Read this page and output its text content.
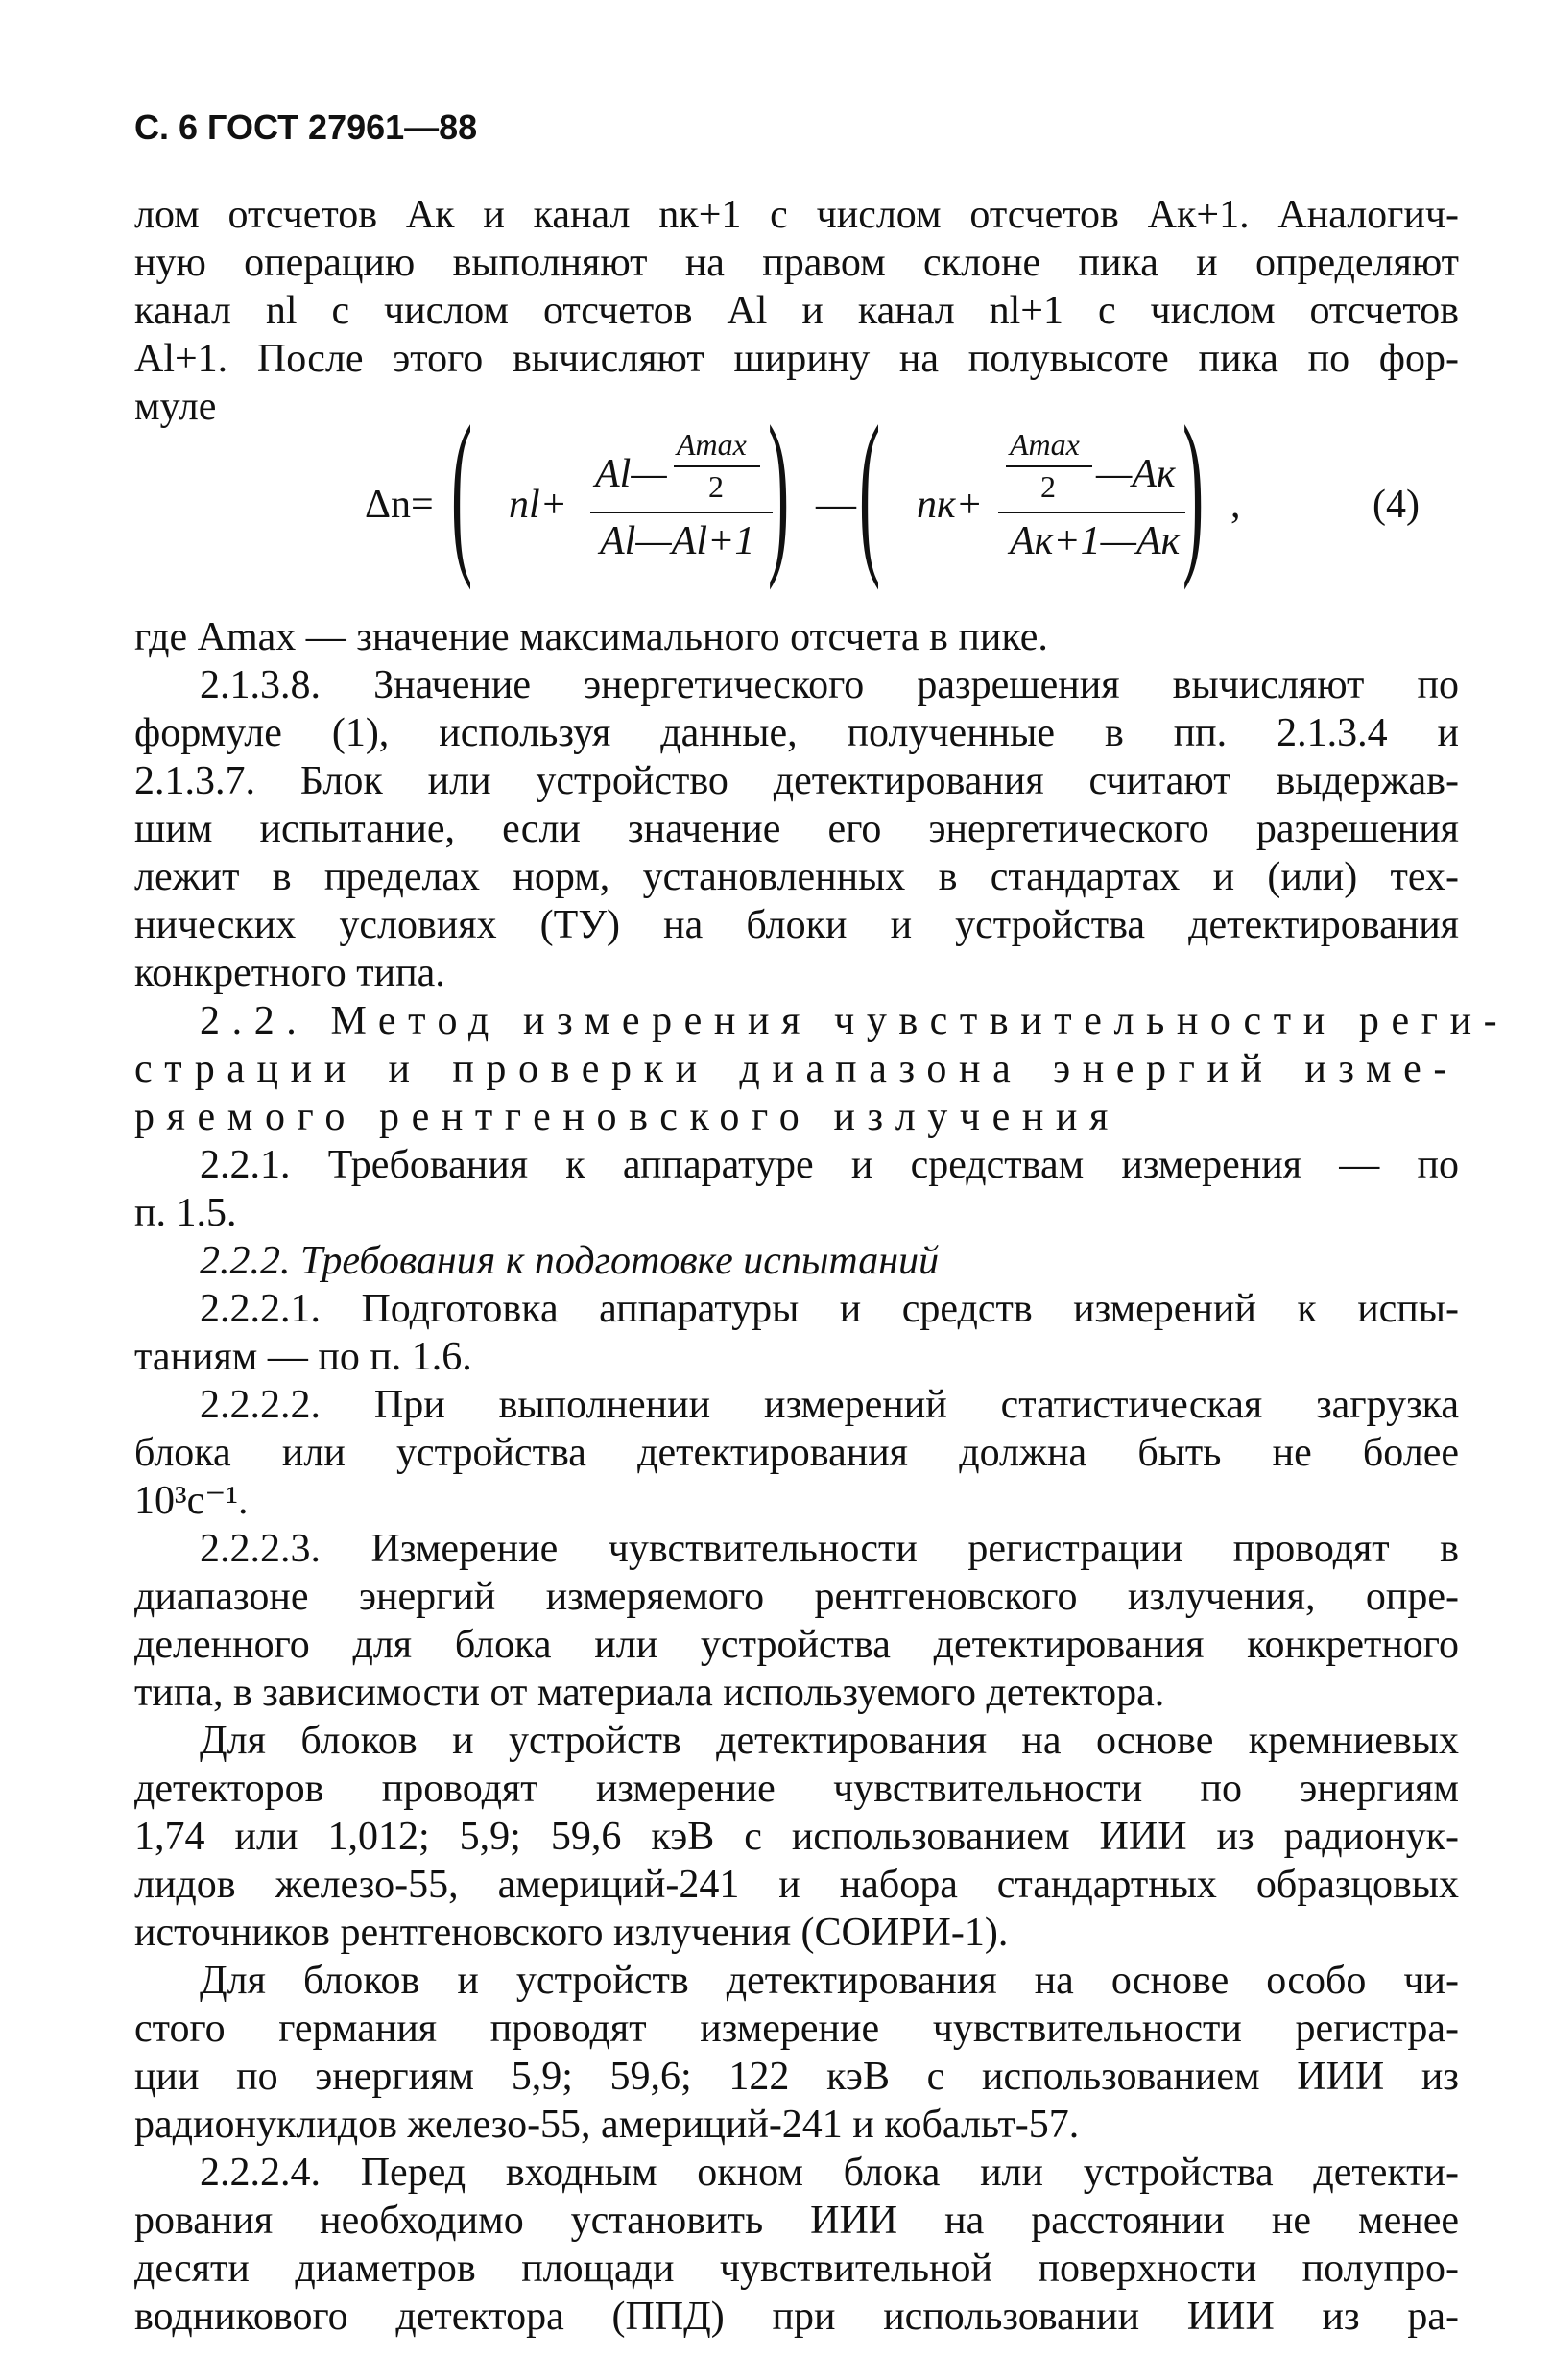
С. 6 ГОСТ 27961—88
лом отсчетов Aк и канал nк+1 с числом отсчетов Aк+1. Аналогич-
ную операцию выполняют на правом склоне пика и определяют
канал nl с числом отсчетов Al и канал nl+1 с числом отсчетов
Al+1. После этого вычисляют ширину на полувысоте пика по фор-
муле
Δn= ( nl+
Al—
Amax
2
Al—Al+1 ) — ( nк+
Amax
2 —Aк
Aк+1—Aк ) ,	(4)
где Amax — значение максимального отсчета в пике.
2.1.3.8. Значение энергетического разрешения вычисляют по
формуле (1), используя данные, полученные в пп. 2.1.3.4 и
2.1.3.7. Блок или устройство детектирования считают выдержав-
шим испытание, если значение его энергетического разрешения
лежит в пределах норм, установленных в стандартах и (или) тех-
нических условиях (ТУ) на блоки и устройства детектирования
конкретного типа.
2.2. Метод измерения чувствительности реги-
страции и проверки диапазона энергий изме-
ряемого рентгеновского излучения
2.2.1. Требования к аппаратуре и средствам измерения — по
п. 1.5.
2.2.2. Требования к подготовке испытаний
2.2.2.1. Подготовка аппаратуры и средств измерений к испы-
таниям — по п. 1.6.
2.2.2.2. При выполнении измерений статистическая загрузка
блока или устройства детектирования должна быть не более
10³c⁻¹.
2.2.2.3. Измерение чувствительности регистрации проводят в
диапазоне энергий измеряемого рентгеновского излучения, опре-
деленного для блока или устройства детектирования конкретного
типа, в зависимости от материала используемого детектора.
Для блоков и устройств детектирования на основе кремниевых
детекторов проводят измерение чувствительности по энергиям
1,74 или 1,012; 5,9; 59,6 кэВ с использованием ИИИ из радионук-
лидов железо-55, америций-241 и набора стандартных образцовых
источников рентгеновского излучения (СОИРИ-1).
Для блоков и устройств детектирования на основе особо чи-
стого германия проводят измерение чувствительности регистра-
ции по энергиям 5,9; 59,6; 122 кэВ с использованием ИИИ из
радионуклидов железо-55, америций-241 и кобальт-57.
2.2.2.4. Перед входным окном блока или устройства детекти-
рования необходимо установить ИИИ на расстоянии не менее
десяти диаметров площади чувствительной поверхности полупро-
водникового детектора (ППД) при использовании ИИИ из ра-
